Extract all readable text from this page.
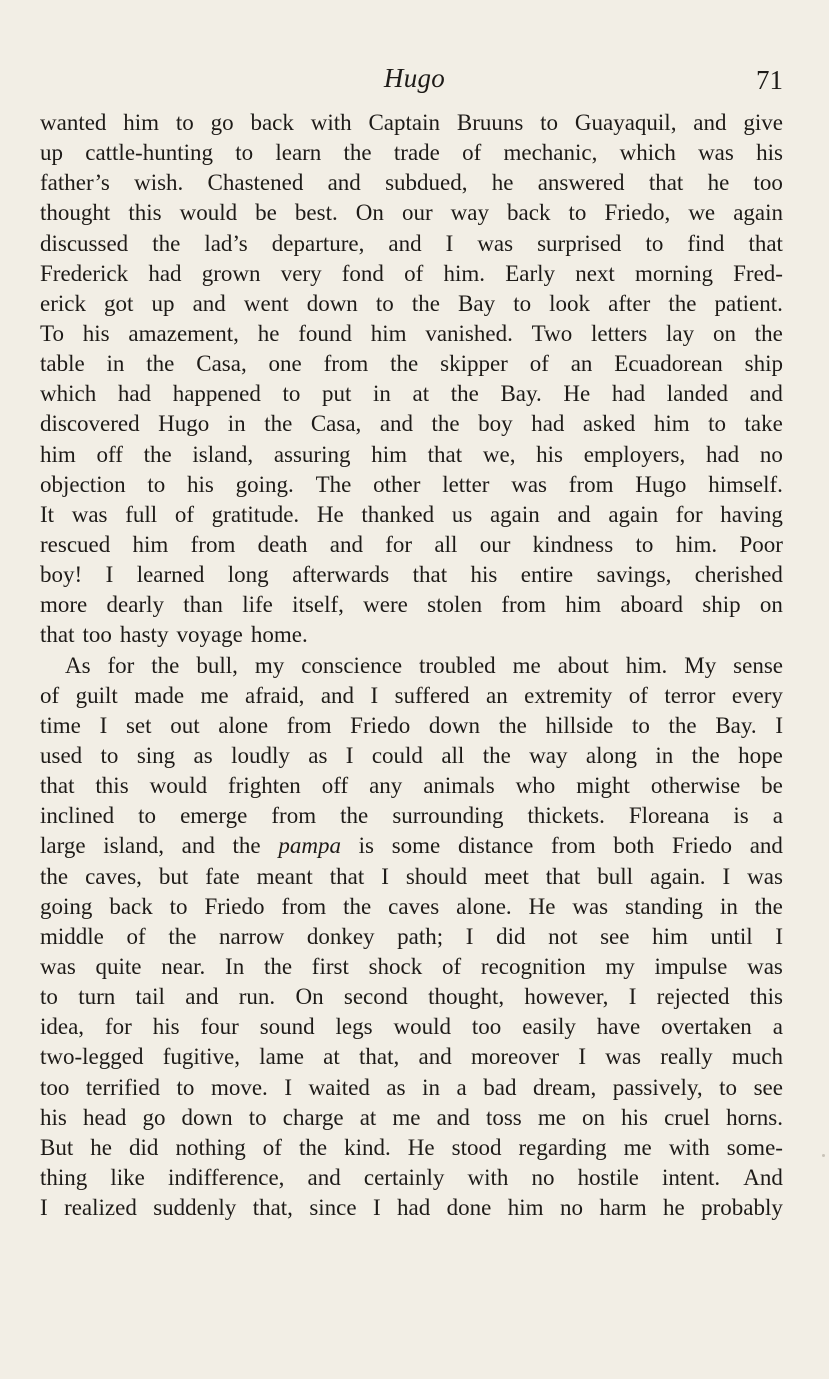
Hugo	71
wanted him to go back with Captain Bruuns to Guayaquil, and give
up cattle-hunting to learn the trade of mechanic, which was his
father’s wish. Chastened and subdued, he answered that he too
thought this would be best. On our way back to Friedo, we again
discussed the lad’s departure, and I was surprised to find that
Frederick had grown very fond of him. Early next morning Fred-
erick got up and went down to the Bay to look after the patient.
To his amazement, he found him vanished. Two letters lay on the
table in the Casa, one from the skipper of an Ecuadorean ship
which had happened to put in at the Bay. He had landed and
discovered Hugo in the Casa, and the boy had asked him to take
him off the island, assuring him that we, his employers, had no
objection to his going. The other letter was from Hugo himself.
It was full of gratitude. He thanked us again and again for having
rescued him from death and for all our kindness to him. Poor
boy! I learned long afterwards that his entire savings, cherished
more dearly than life itself, were stolen from him aboard ship on
that too hasty voyage home.
As for the bull, my conscience troubled me about him. My sense
of guilt made me afraid, and I suffered an extremity of terror every
time I set out alone from Friedo down the hillside to the Bay. I
used to sing as loudly as I could all the way along in the hope
that this would frighten off any animals who might otherwise be
inclined to emerge from the surrounding thickets. Floreana is a
large island, and the pampa is some distance from both Friedo and
the caves, but fate meant that I should meet that bull again. I was
going back to Friedo from the caves alone. He was standing in the
middle of the narrow donkey path; I did not see him until I
was quite near. In the first shock of recognition my impulse was
to turn tail and run. On second thought, however, I rejected this
idea, for his four sound legs would too easily have overtaken a
two-legged fugitive, lame at that, and moreover I was really much
too terrified to move. I waited as in a bad dream, passively, to see
his head go down to charge at me and toss me on his cruel horns.
But he did nothing of the kind. He stood regarding me with some-
thing like indifference, and certainly with no hostile intent. And
I realized suddenly that, since I had done him no harm he probably
